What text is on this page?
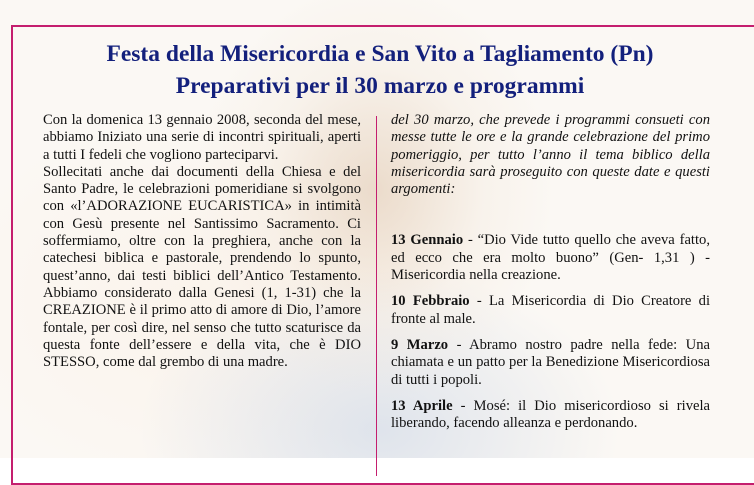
Festa della Misericordia e San Vito a Tagliamento (Pn)
Preparativi per il 30 marzo e programmi

Con la domenica 13 gennaio 2008, seconda del mese, abbiamo Iniziato una serie di incontri spirituali, aperti a tutti I fedeli che vogliono parteciparvi.

Sollecitati anche dai documenti della Chiesa e del Santo Padre, le celebrazioni pomeridiane si svolgono con «l’ADORAZIONE EUCARISTICA» in intimità con Gesù presente nel Santissimo Sacramento. Ci soffermiamo, oltre con la preghiera, anche con la catechesi biblica e pastorale, prendendo lo spunto, quest’anno, dai testi biblici dell’Antico Testamento. Abbiamo considerato dalla Genesi (1, 1-31) che la CREAZIONE è il primo atto di amore di Dio, l’amore fontale, per così dire, nel senso che tutto scaturisce da questa fonte dell’essere e della vita, che è DIO STESSO, come dal grembo di una madre.

del 30 marzo, che prevede i programmi consueti con messe tutte le ore e la grande celebrazione del primo pomeriggio, per tutto l’anno il tema biblico della misericordia sarà proseguito con queste date e questi argomenti:

13 Gennaio - “Dio Vide tutto quello che aveva fatto, ed ecco che era molto buono” (Gen- 1,31 ) - Misericordia nella creazione.

10 Febbraio - La Misericordia di Dio Creatore di fronte al male.

9 Marzo - Abramo nostro padre nella fede: Una chiamata e un patto per la Benedizione Misericordiosa di tutti i popoli.

13 Aprile - Mosé: il Dio misericordioso si rivela liberando, facendo alleanza e perdonando.
